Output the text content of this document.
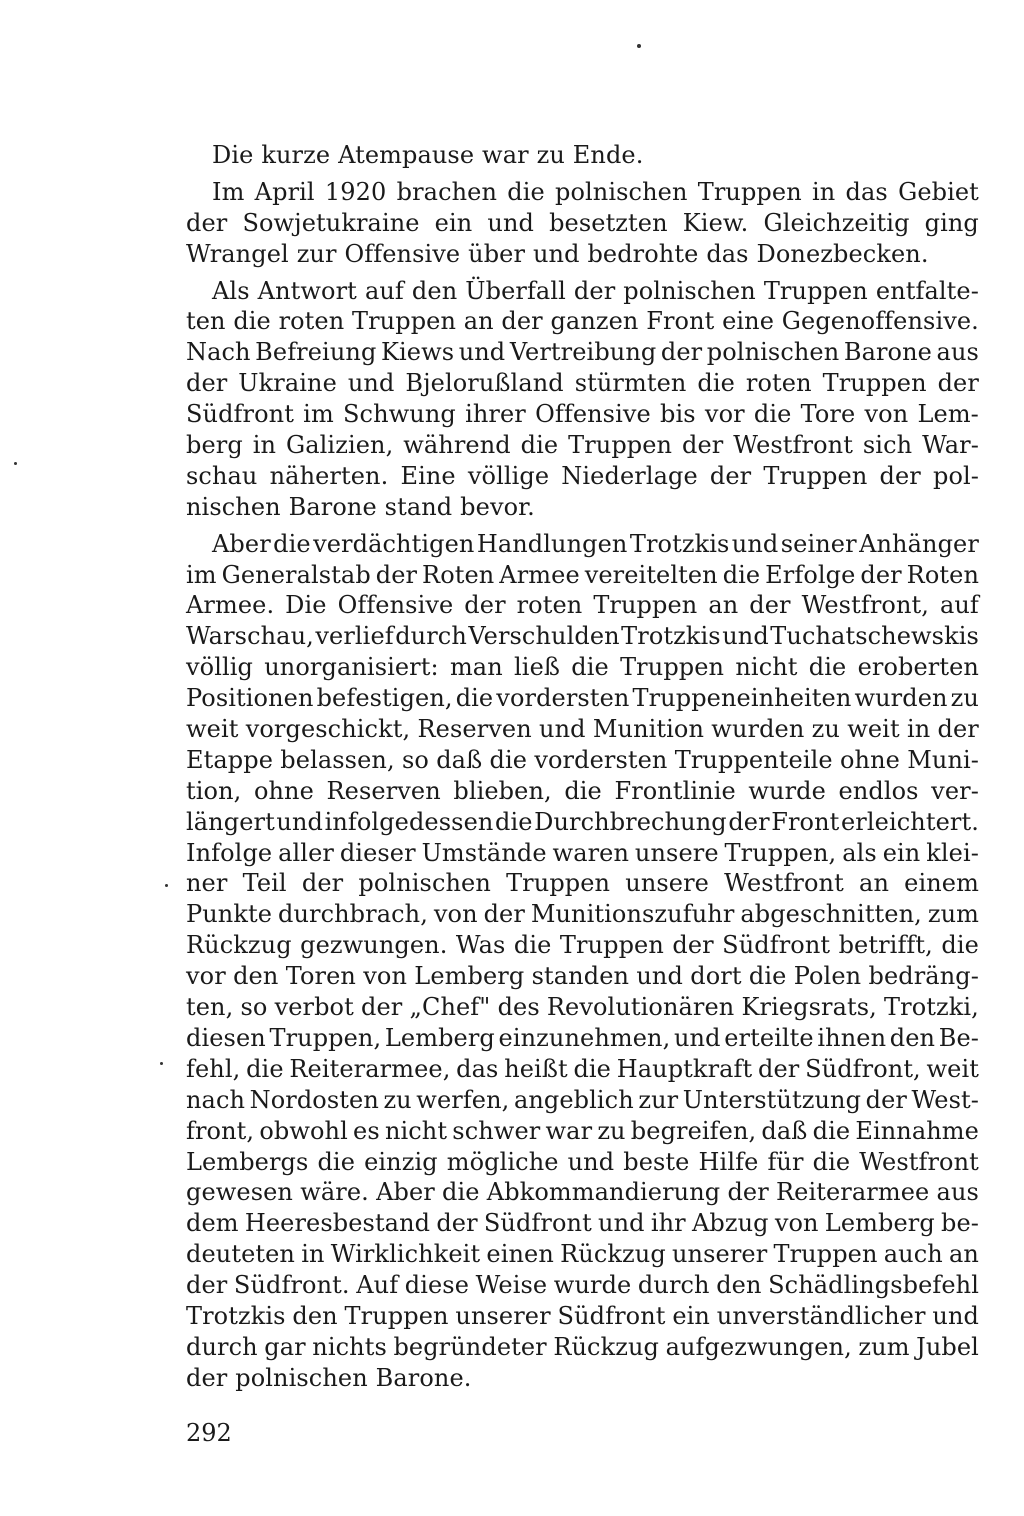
Die kurze Atempause war zu Ende.
Im April 1920 brachen die polnischen Truppen in das Gebiet
der Sowjetukraine ein und besetzten Kiew. Gleichzeitig ging
Wrangel zur Offensive über und bedrohte das Donezbecken.
Als Antwort auf den Überfall der polnischen Truppen entfalte-
ten die roten Truppen an der ganzen Front eine Gegenoffensive.
Nach Befreiung Kiews und Vertreibung der polnischen Barone aus
der Ukraine und Bjelorußland stürmten die roten Truppen der
Südfront im Schwung ihrer Offensive bis vor die Tore von Lem-
berg in Galizien, während die Truppen der Westfront sich War-
schau näherten. Eine völlige Niederlage der Truppen der pol-
nischen Barone stand bevor.
Aber die verdächtigen Handlungen Trotzkis und seiner Anhänger
im Generalstab der Roten Armee vereitelten die Erfolge der Roten
Armee. Die Offensive der roten Truppen an der Westfront, auf
Warschau, verlief durch Verschulden Trotzkis und Tuchatschewskis
völlig unorganisiert: man ließ die Truppen nicht die eroberten
Positionen befestigen, die vordersten Truppeneinheiten wurden zu
weit vorgeschickt, Reserven und Munition wurden zu weit in der
Etappe belassen, so daß die vordersten Truppenteile ohne Muni-
tion, ohne Reserven blieben, die Frontlinie wurde endlos ver-
längert und infolgedessen die Durchbrechung der Front erleichtert.
Infolge aller dieser Umstände waren unsere Truppen, als ein klei-
ner Teil der polnischen Truppen unsere Westfront an einem
Punkte durchbrach, von der Munitionszufuhr abgeschnitten, zum
Rückzug gezwungen. Was die Truppen der Südfront betrifft, die
vor den Toren von Lemberg standen und dort die Polen bedräng-
ten, so verbot der „Chef" des Revolutionären Kriegsrats, Trotzki,
diesen Truppen, Lemberg einzunehmen, und erteilte ihnen den Be-
fehl, die Reiterarmee, das heißt die Hauptkraft der Südfront, weit
nach Nordosten zu werfen, angeblich zur Unterstützung der West-
front, obwohl es nicht schwer war zu begreifen, daß die Einnahme
Lembergs die einzig mögliche und beste Hilfe für die Westfront
gewesen wäre. Aber die Abkommandierung der Reiterarmee aus
dem Heeresbestand der Südfront und ihr Abzug von Lemberg be-
deuteten in Wirklichkeit einen Rückzug unserer Truppen auch an
der Südfront. Auf diese Weise wurde durch den Schädlingsbefehl
Trotzkis den Truppen unserer Südfront ein unverständlicher und
durch gar nichts begründeter Rückzug aufgezwungen, zum Jubel
der polnischen Barone.
292
